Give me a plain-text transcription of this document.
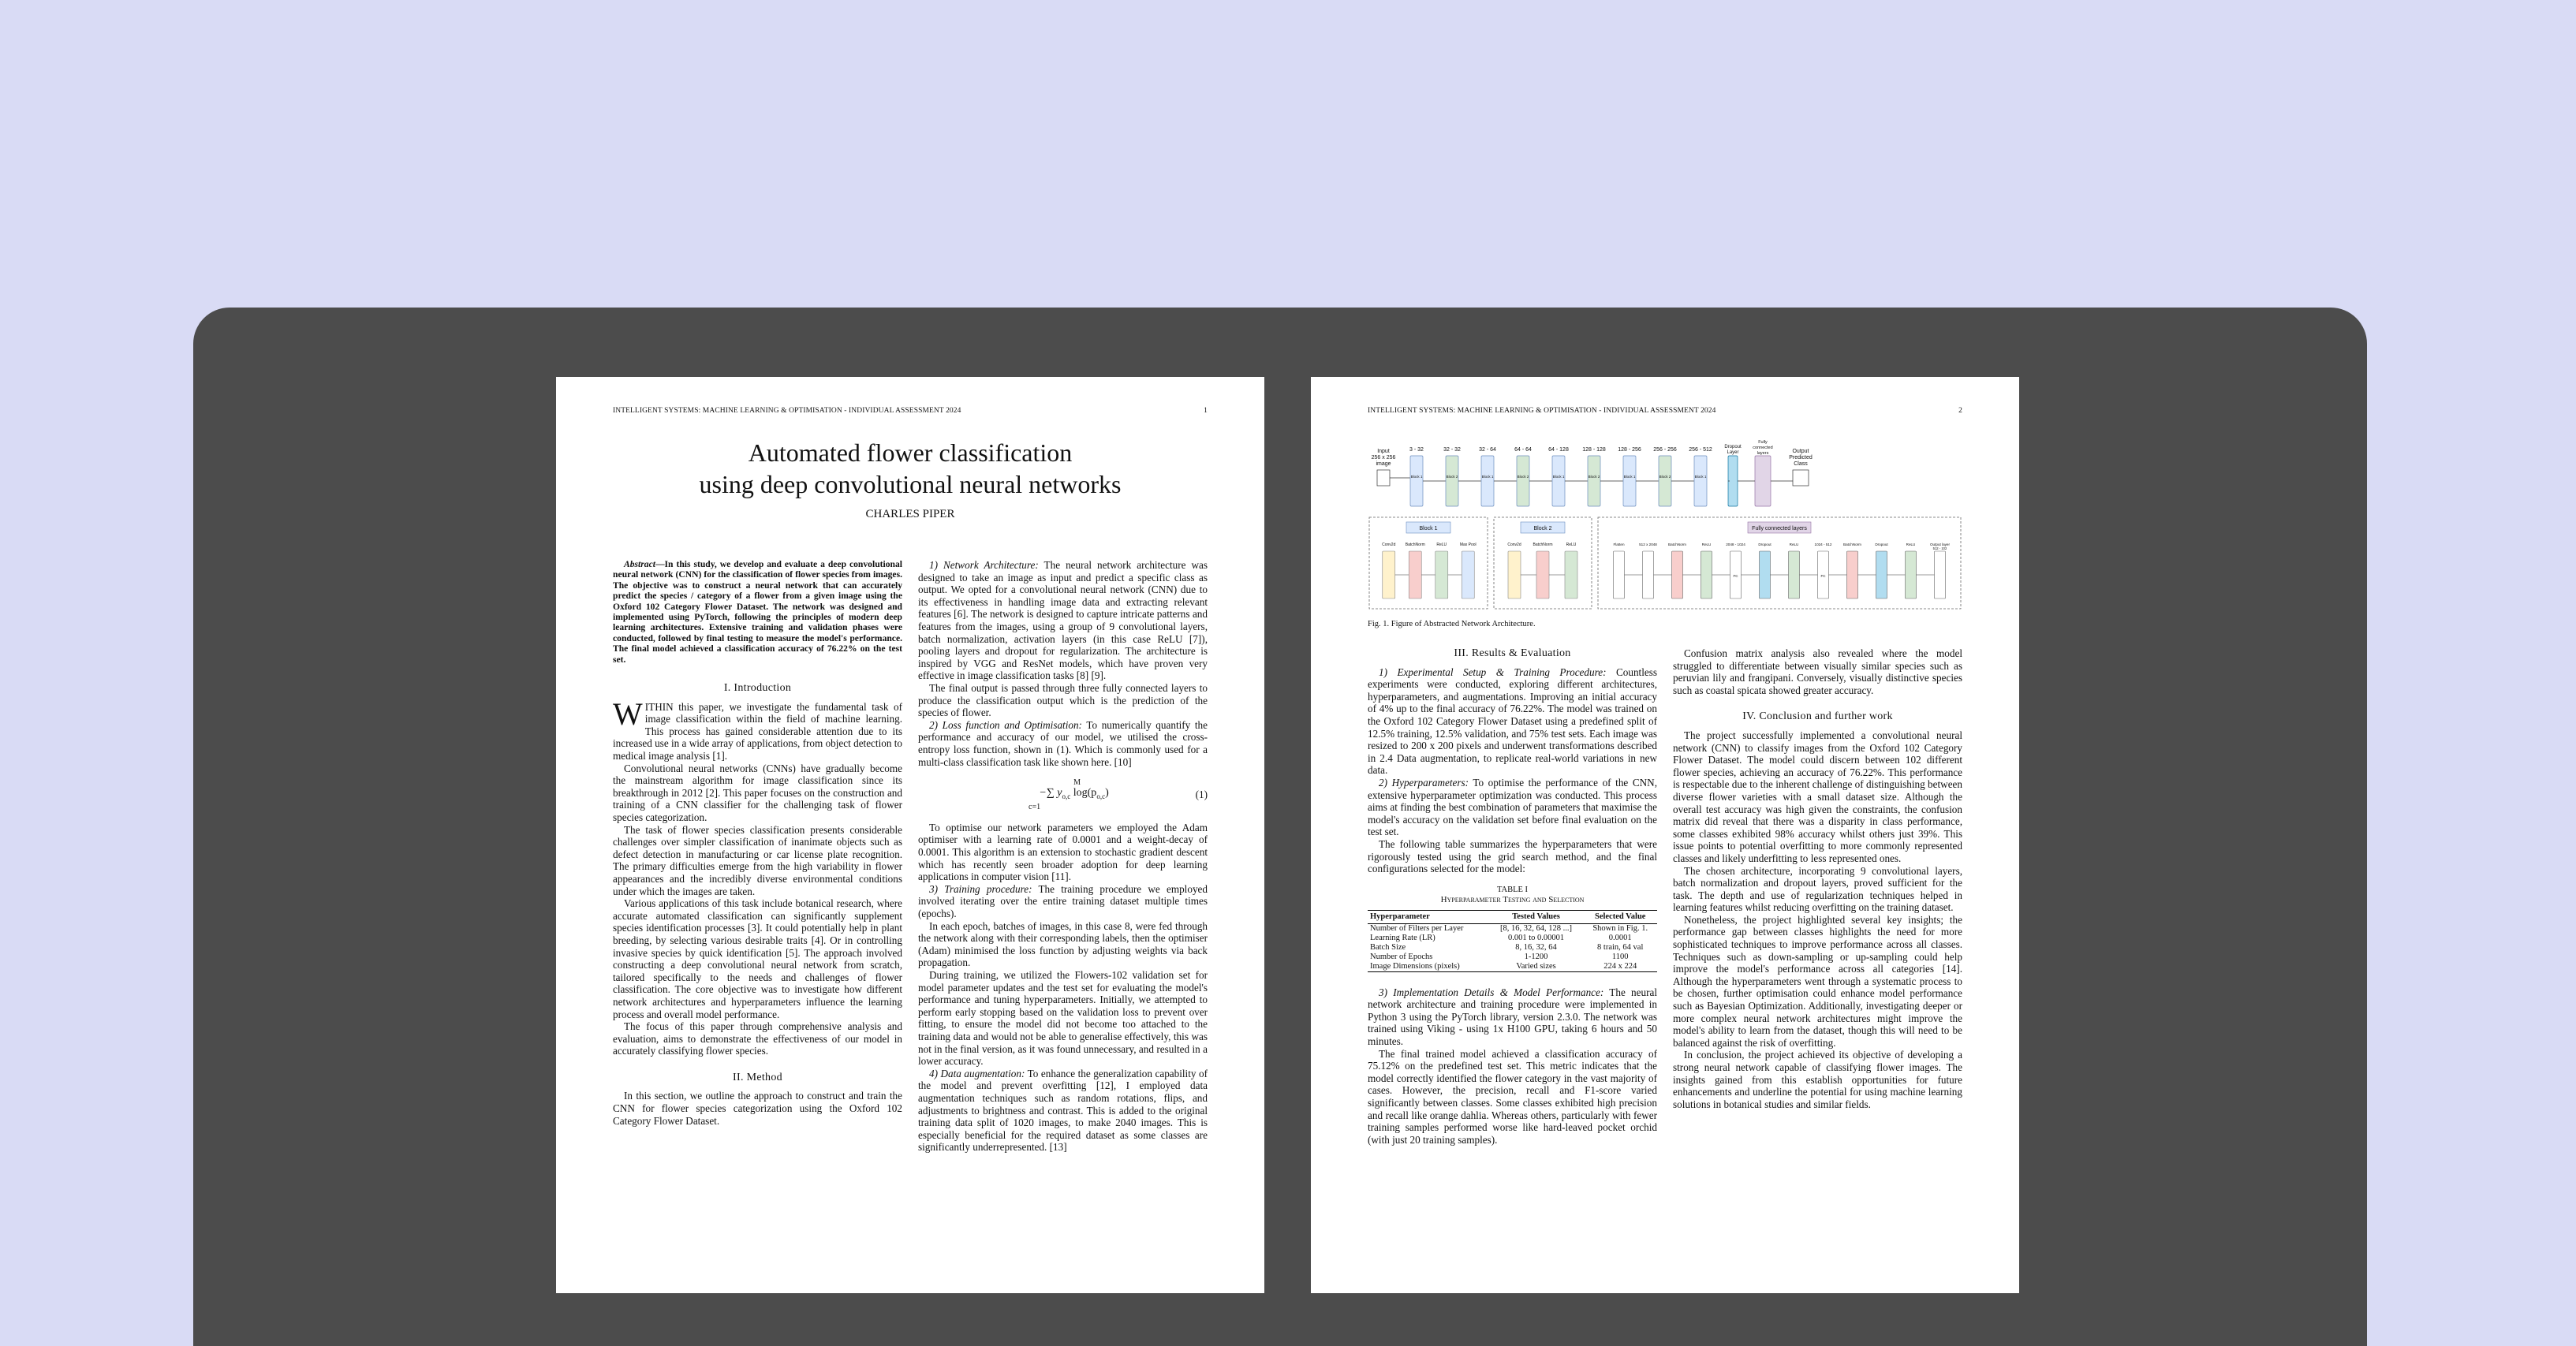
INTELLIGENT SYSTEMS: MACHINE LEARNING & OPTIMISATION - INDIVIDUAL ASSESSMENT 2024	1
Automated flower classification
using deep convolutional neural networks
CHARLES PIPER

Abstract—In this study, we develop and evaluate a deep convolutional neural network (CNN) for the classification of flower species from images. The objective was to construct a neural network that can accurately predict the species / category of a flower from a given image using the Oxford 102 Category Flower Dataset. The network was designed and implemented using PyTorch, following the principles of modern deep learning architectures. Extensive training and validation phases were conducted, followed by final testing to measure the model's performance. The final model achieved a classification accuracy of 76.22% on the test set.

I. Introduction

WITHIN this paper, we investigate the fundamental task of image classification within the field of machine learning. This process has gained considerable attention due to its increased use in a wide array of applications, from object detection to medical image analysis [1].

Convolutional neural networks (CNNs) have gradually become the mainstream algorithm for image classification since its breakthrough in 2012 [2]. This paper focuses on the construction and training of a CNN classifier for the challenging task of flower species categorization.

The task of flower species classification presents considerable challenges over simpler classification of inanimate objects such as defect detection in manufacturing or car license plate recognition. The primary difficulties emerge from the high variability in flower appearances and the incredibly diverse environmental conditions under which the images are taken.

Various applications of this task include botanical research, where accurate automated classification can significantly supplement species identification processes [3]. It could potentially help in plant breeding, by selecting various desirable traits [4]. Or in controlling invasive species by quick identification [5]. The approach involved constructing a deep convolutional neural network from scratch, tailored specifically to the needs and challenges of flower classification. The core objective was to investigate how different network architectures and hyperparameters influence the learning process and overall model performance.

The focus of this paper through comprehensive analysis and evaluation, aims to demonstrate the effectiveness of our model in accurately classifying flower species.

II. Method

In this section, we outline the approach to construct and train the CNN for flower species categorization using the Oxford 102 Category Flower Dataset.

1) Network Architecture: The neural network architecture was designed to take an image as input and predict a specific class as output. We opted for a convolutional neural network (CNN) due to its effectiveness in handling image data and extracting relevant features [6]. The network is designed to capture intricate patterns and features from the images, using a group of 9 convolutional layers, batch normalization, activation layers (in this case ReLU [7]), pooling layers and dropout for regularization. The architecture is inspired by VGG and ResNet models, which have proven very effective in image classification tasks [8] [9].

The final output is passed through three fully connected layers to produce the classification output which is the prediction of the species of flower.

2) Loss function and Optimisation: To numerically quantify the performance and accuracy of our model, we utilised the cross-entropy loss function, shown in (1). Which is commonly used for a multi-class classification task like shown here. [10]

M
−∑ $y_{o,c}$ $\log(p_{o,c})$
c=1
(1)

To optimise our network parameters we employed the Adam optimiser with a learning rate of 0.0001 and a weight-decay of 0.0001. This algorithm is an extension to stochastic gradient descent which has recently seen broader adoption for deep learning applications in computer vision [11].

3) Training procedure: The training procedure we employed involved iterating over the entire training dataset multiple times (epochs).

In each epoch, batches of images, in this case 8, were fed through the network along with their corresponding labels, then the optimiser (Adam) minimised the loss function by adjusting weights via back propagation.

During training, we utilized the Flowers-102 validation set for model parameter updates and the test set for evaluating the model's performance and tuning hyperparameters. Initially, we attempted to perform early stopping based on the validation loss to prevent over fitting, to ensure the model did not become too attached to the training data and would not be able to generalise effectively, this was not in the final version, as it was found unnecessary, and resulted in a lower accuracy.

4) Data augmentation: To enhance the generalization capability of the model and prevent overfitting [12], I employed data augmentation techniques such as random rotations, flips, and adjustments to brightness and contrast. This is added to the original training data split of 1020 images, to make 2040 images. This is especially beneficial for the required dataset as some classes are significantly underrepresented. [13]

INTELLIGENT SYSTEMS: MACHINE LEARNING & OPTIMISATION - INDIVIDUAL ASSESSMENT 2024	2
Input
256 x 256
image
3 - 32
Block 1
32 - 32
Block 2
32 - 64
Block 1
64 - 64
Block 2
64 - 128
Block 1
128 - 128
Block 2
128 - 256
Block 1
256 - 256
Block 2
256 - 512
Block 1
Dropout
Layer
Fully
connected
layers	Output
Predicted
Class
Block 1
Conv2d BatchNorm	ReLU	Max Pool
Block 2
Conv2d	BatchNorm	ReLU
Fully connected layers
Flatten	512 x 2048	BatchNorm	ReLU	2048 - 1024
FC
Dropout	ReLU	1024 - 512
FC
BatchNorm	Dropout	ReLU	Output layer
512 - 102
Fig. 1. Figure of Abstracted Network Architecture.
III. Results & Evaluation

1) Experimental Setup & Training Procedure: Countless experiments were conducted, exploring different architectures, hyperparameters, and augmentations. Improving an initial accuracy of 4% up to the final accuracy of 76.22%. The model was trained on the Oxford 102 Category Flower Dataset using a predefined split of 12.5% training, 12.5% validation, and 75% test sets. Each image was resized to 200 x 200 pixels and underwent transformations described in 2.4 Data augmentation, to replicate real-world variations in new data.

2) Hyperparameters: To optimise the performance of the CNN, extensive hyperparameter optimization was conducted. This process aims at finding the best combination of parameters that maximise the model's accuracy on the validation set before final evaluation on the test set.

The following table summarizes the hyperparameters that were rigorously tested using the grid search method, and the final configurations selected for the model:

TABLE I
Hyperparameter Testing and Selection
Hyperparameter	Tested Values	Selected Value
Number of Filters per Layer	[8, 16, 32, 64, 128 ...]	Shown in Fig. 1.
Learning Rate (LR)	0.001 to 0.00001	0.0001
Batch Size	8, 16, 32, 64	8 train, 64 val
Number of Epochs	1-1200	1100
Image Dimensions (pixels)	Varied sizes	224 x 224

3) Implementation Details & Model Performance: The neural network architecture and training procedure were implemented in Python 3 using the PyTorch library, version 2.3.0. The network was trained using Viking - using 1x H100 GPU, taking 6 hours and 50 minutes.

The final trained model achieved a classification accuracy of 75.12% on the predefined test set. This metric indicates that the model correctly identified the flower category in the vast majority of cases. However, the precision, recall and F1-score varied significantly between classes. Some classes exhibited high precision and recall like orange dahlia. Whereas others, particularly with fewer training samples performed worse like hard-leaved pocket orchid (with just 20 training samples).

Confusion matrix analysis also revealed where the model struggled to differentiate between visually similar species such as peruvian lily and frangipani. Conversely, visually distinctive species such as coastal spicata showed greater accuracy.

IV. Conclusion and further work

The project successfully implemented a convolutional neural network (CNN) to classify images from the Oxford 102 Category Flower Dataset. The model could discern between 102 different flower species, achieving an accuracy of 76.22%. This performance is respectable due to the inherent challenge of distinguishing between diverse flower varieties with a small dataset size. Although the overall test accuracy was high given the constraints, the confusion matrix did reveal that there was a disparity in class performance, some classes exhibited 98% accuracy whilst others just 39%. This issue points to potential overfitting to more commonly represented classes and likely underfitting to less represented ones.

The chosen architecture, incorporating 9 convolutional layers, batch normalization and dropout layers, proved sufficient for the task. The depth and use of regularization techniques helped in learning features whilst reducing overfitting on the training dataset.

Nonetheless, the project highlighted several key insights; the performance gap between classes highlights the need for more sophisticated techniques to improve performance across all classes. Techniques such as down-sampling or up-sampling could help improve the model's performance across all categories [14]. Although the hyperparameters went through a systematic process to be chosen, further optimisation could enhance model performance such as Bayesian Optimization. Additionally, investigating deeper or more complex neural network architectures might improve the model's ability to learn from the dataset, though this will need to be balanced against the risk of overfitting.

In conclusion, the project achieved its objective of developing a strong neural network capable of classifying flower images. The insights gained from this establish opportunities for future enhancements and underline the potential for using machine learning solutions in botanical studies and similar fields.
